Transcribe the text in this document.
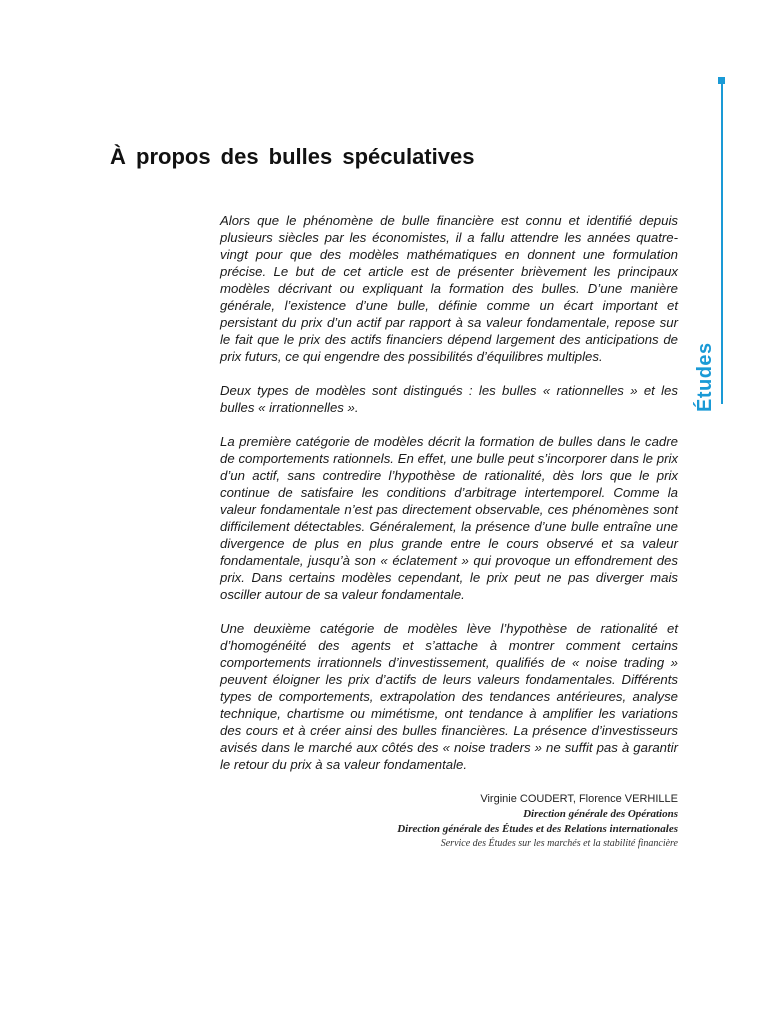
Études
À propos des bulles spéculatives

Alors que le phénomène de bulle financière est connu et identifié depuis plusieurs siècles par les économistes, il a fallu attendre les années quatre-vingt pour que des modèles mathématiques en donnent une formulation précise. Le but de cet article est de présenter brièvement les principaux modèles décrivant ou expliquant la formation des bulles. D’une manière générale, l’existence d’une bulle, définie comme un écart important et persistant du prix d’un actif par rapport à sa valeur fondamentale, repose sur le fait que le prix des actifs financiers dépend largement des anticipations de prix futurs, ce qui engendre des possibilités d’équilibres multiples.

Deux types de modèles sont distingués : les bulles « rationnelles » et les bulles « irrationnelles ».

La première catégorie de modèles décrit la formation de bulles dans le cadre de comportements rationnels. En effet, une bulle peut s’incorporer dans le prix d’un actif, sans contredire l’hypothèse de rationalité, dès lors que le prix continue de satisfaire les conditions d’arbitrage intertemporel. Comme la valeur fondamentale n’est pas directement observable, ces phénomènes sont difficilement détectables. Généralement, la présence d’une bulle entraîne une divergence de plus en plus grande entre le cours observé et sa valeur fondamentale, jusqu’à son « éclatement » qui provoque un effondrement des prix. Dans certains modèles cependant, le prix peut ne pas diverger mais osciller autour de sa valeur fondamentale.

Une deuxième catégorie de modèles lève l’hypothèse de rationalité et d’homogénéité des agents et s’attache à montrer comment certains comportements irrationnels d’investissement, qualifiés de « noise trading » peuvent éloigner les prix d’actifs de leurs valeurs fondamentales. Différents types de comportements, extrapolation des tendances antérieures, analyse technique, chartisme ou mimétisme, ont tendance à amplifier les variations des cours et à créer ainsi des bulles financières. La présence d’investisseurs avisés dans le marché aux côtés des « noise traders » ne suffit pas à garantir le retour du prix à sa valeur fondamentale.

Virginie COUDERT, Florence VERHILLE
Direction générale des Opérations
Direction générale des Études et des Relations internationales
Service des Études sur les marchés et la stabilité financière
